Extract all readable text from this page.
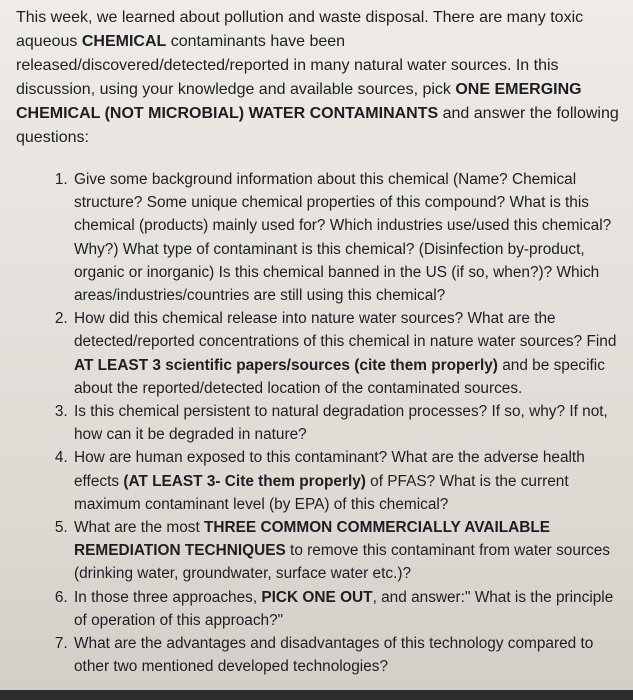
This week, we learned about pollution and waste disposal. There are many toxic aqueous CHEMICAL contaminants have been released/discovered/detected/reported in many natural water sources. In this discussion, using your knowledge and available sources, pick ONE EMERGING CHEMICAL (NOT MICROBIAL) WATER CONTAMINANTS and answer the following questions:

1. Give some background information about this chemical (Name? Chemical structure? Some unique chemical properties of this compound? What is this chemical (products) mainly used for? Which industries use/used this chemical? Why?) What type of contaminant is this chemical? (Disinfection by-product, organic or inorganic) Is this chemical banned in the US (if so, when?)? Which areas/industries/countries are still using this chemical?
2. How did this chemical release into nature water sources? What are the detected/reported concentrations of this chemical in nature water sources? Find AT LEAST 3 scientific papers/sources (cite them properly) and be specific about the reported/detected location of the contaminated sources.
3. Is this chemical persistent to natural degradation processes? If so, why? If not, how can it be degraded in nature?
4. How are human exposed to this contaminant? What are the adverse health effects (AT LEAST 3- Cite them properly) of PFAS? What is the current maximum contaminant level (by EPA) of this chemical?
5. What are the most THREE COMMON COMMERCIALLY AVAILABLE REMEDIATION TECHNIQUES to remove this contaminant from water sources (drinking water, groundwater, surface water etc.)?
6. In those three approaches, PICK ONE OUT, and answer:" What is the principle of operation of this approach?"
7. What are the advantages and disadvantages of this technology compared to other two mentioned developed technologies?
